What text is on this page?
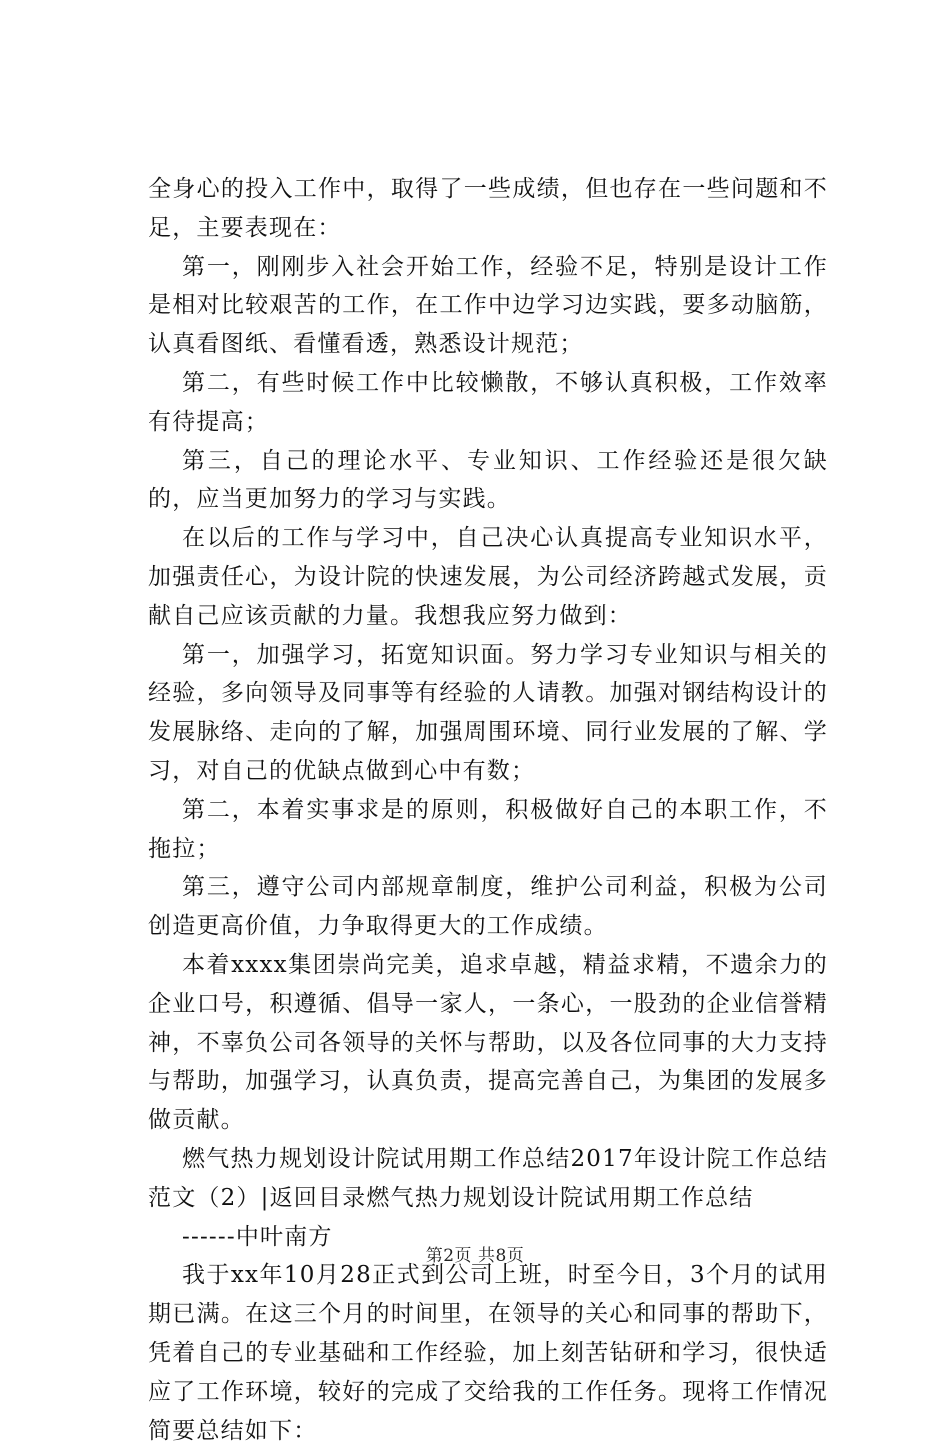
全身心的投入工作中，取得了一些成绩，但也存在一些问题和不足，主要表现在：

第一，刚刚步入社会开始工作，经验不足，特别是设计工作是相对比较艰苦的工作，在工作中边学习边实践，要多动脑筋，认真看图纸、看懂看透，熟悉设计规范；

第二，有些时候工作中比较懒散，不够认真积极，工作效率有待提高；

第三，自己的理论水平、专业知识、工作经验还是很欠缺的，应当更加努力的学习与实践。

在以后的工作与学习中，自己决心认真提高专业知识水平，加强责任心，为设计院的快速发展，为公司经济跨越式发展，贡献自己应该贡献的力量。我想我应努力做到：

第一，加强学习，拓宽知识面。努力学习专业知识与相关的经验，多向领导及同事等有经验的人请教。加强对钢结构设计的发展脉络、走向的了解，加强周围环境、同行业发展的了解、学习，对自己的优缺点做到心中有数；

第二，本着实事求是的原则，积极做好自己的本职工作，不拖拉；

第三，遵守公司内部规章制度，维护公司利益，积极为公司创造更高价值，力争取得更大的工作成绩。

本着xxxx集团崇尚完美，追求卓越，精益求精，不遗余力的企业口号，积遵循、倡导一家人，一条心，一股劲的企业信誉精神，不辜负公司各领导的关怀与帮助，以及各位同事的大力支持与帮助，加强学习，认真负责，提高完善自己，为集团的发展多做贡献。

燃气热力规划设计院试用期工作总结2017年设计院工作总结范文（2）|返回目录燃气热力规划设计院试用期工作总结

------中叶南方

我于xx年10月28正式到公司上班，时至今日，3个月的试用期已满。在这三个月的时间里，在领导的关心和同事的帮助下，凭着自己的专业基础和工作经验，加上刻苦钻研和学习，很快适应了工作环境，较好的完成了交给我的工作任务。现将工作情况简要总结如下：

第2页 共8页
